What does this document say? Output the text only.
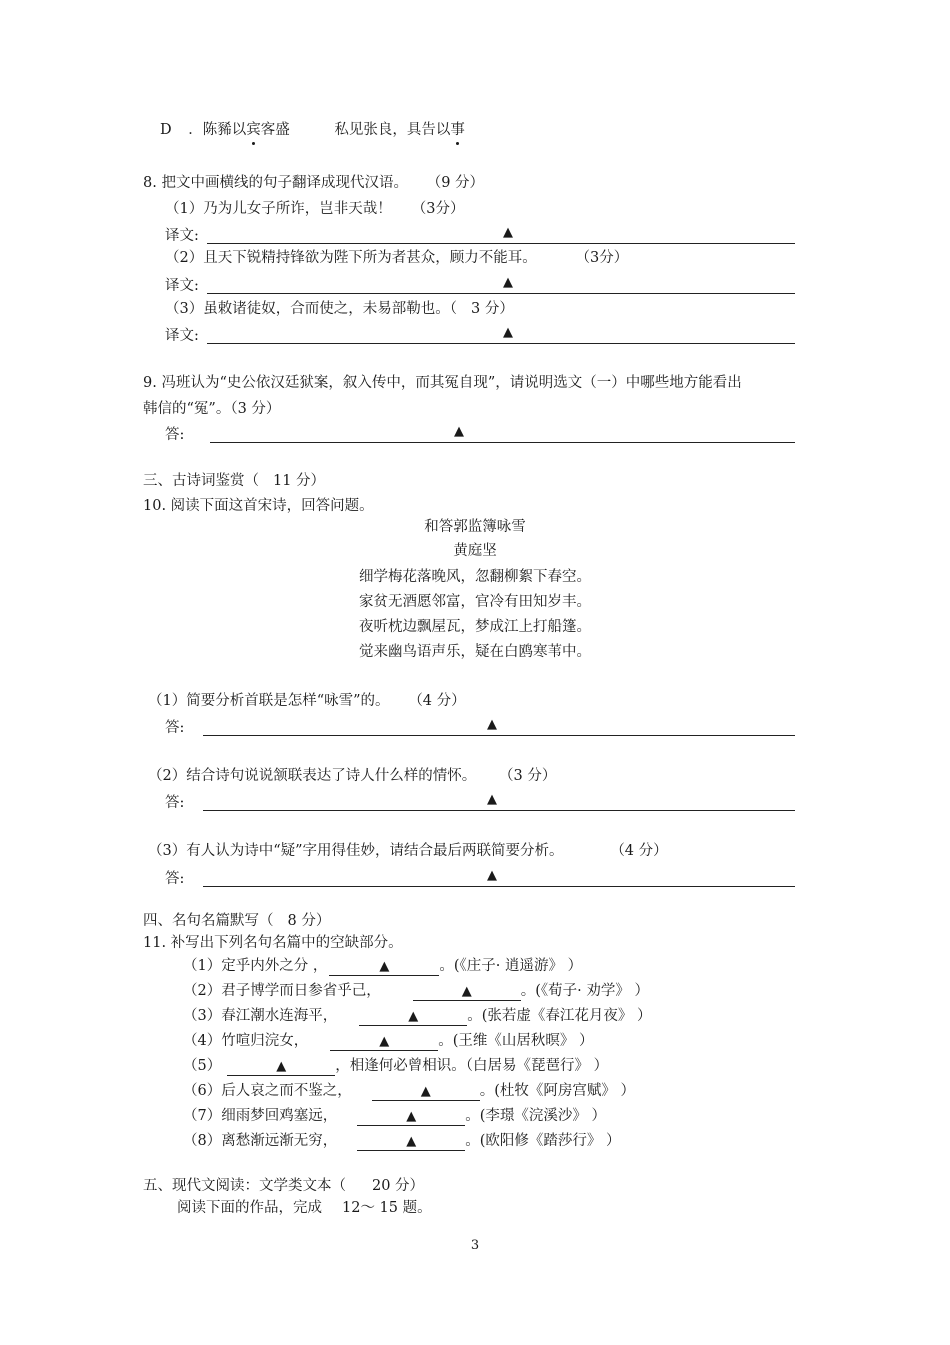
D ．陈豨以宾客盛	私见张良，具告以事
8. 把文中画横线的句子翻译成现代汉语。 （9 分）
（1）乃为儿女子所诈，岂非天哉！ （3分）
译文:	▲
（2）且天下锐精持锋欲为陛下所为者甚众，顾力不能耳。	（3分）
译文:	▲
（3）虽敕诸徒奴，合而使之，未易部勒也。（ 3 分）
译文:	▲
9. 冯班认为“史公依汉廷狱案，叙入传中，而其冤自现”，请说明选文（一）中哪些地方能看出
韩信的“冤”。（3 分）
答:	▲
三、古诗词鉴赏（ 11 分）
10. 阅读下面这首宋诗，回答问题。
和答郭监簿咏雪
黄庭坚
细学梅花落晚风，忽翻柳絮下春空。
家贫无酒愿邻富，官冷有田知岁丰。
夜听枕边飘屋瓦，梦成江上打船篷。
觉来幽鸟语声乐，疑在白鸥寒苇中。
（1）简要分析首联是怎样“咏雪”的。 （4 分）
答:	▲
（2）结合诗句说说颔联表达了诗人什么样的情怀。 （3 分）
答:	▲
（3）有人认为诗中“疑”字用得佳妙，请结合最后两联简要分析。	（4 分）
答:	▲
四、名句名篇默写（ 8 分）
11. 补写出下列名句名篇中的空缺部分。
（1）定乎内外之分 ，	▲	。(《庄子· 逍遥游》 ）
（2）君子博学而日参省乎己，	▲	。(《荀子· 劝学》 ）
（3）春江潮水连海平，	▲	。(张若虚《春江花月夜》 ）
（4）竹喧归浣女，	▲	。(王维《山居秋暝》 ）
（5）	▲	，相逢何必曾相识。（白居易《琵琶行》 ）
（6）后人哀之而不鉴之，	▲	。(杜牧《阿房宫赋》 ）
（7）细雨梦回鸡塞远，	▲	。(李璟《浣溪沙》 ）
（8）离愁渐远渐无穷，	▲	。(欧阳修《踏莎行》 ）
五、现代文阅读：文学类文本（ 20 分）
阅读下面的作品，完成 12～ 15 题。
3
